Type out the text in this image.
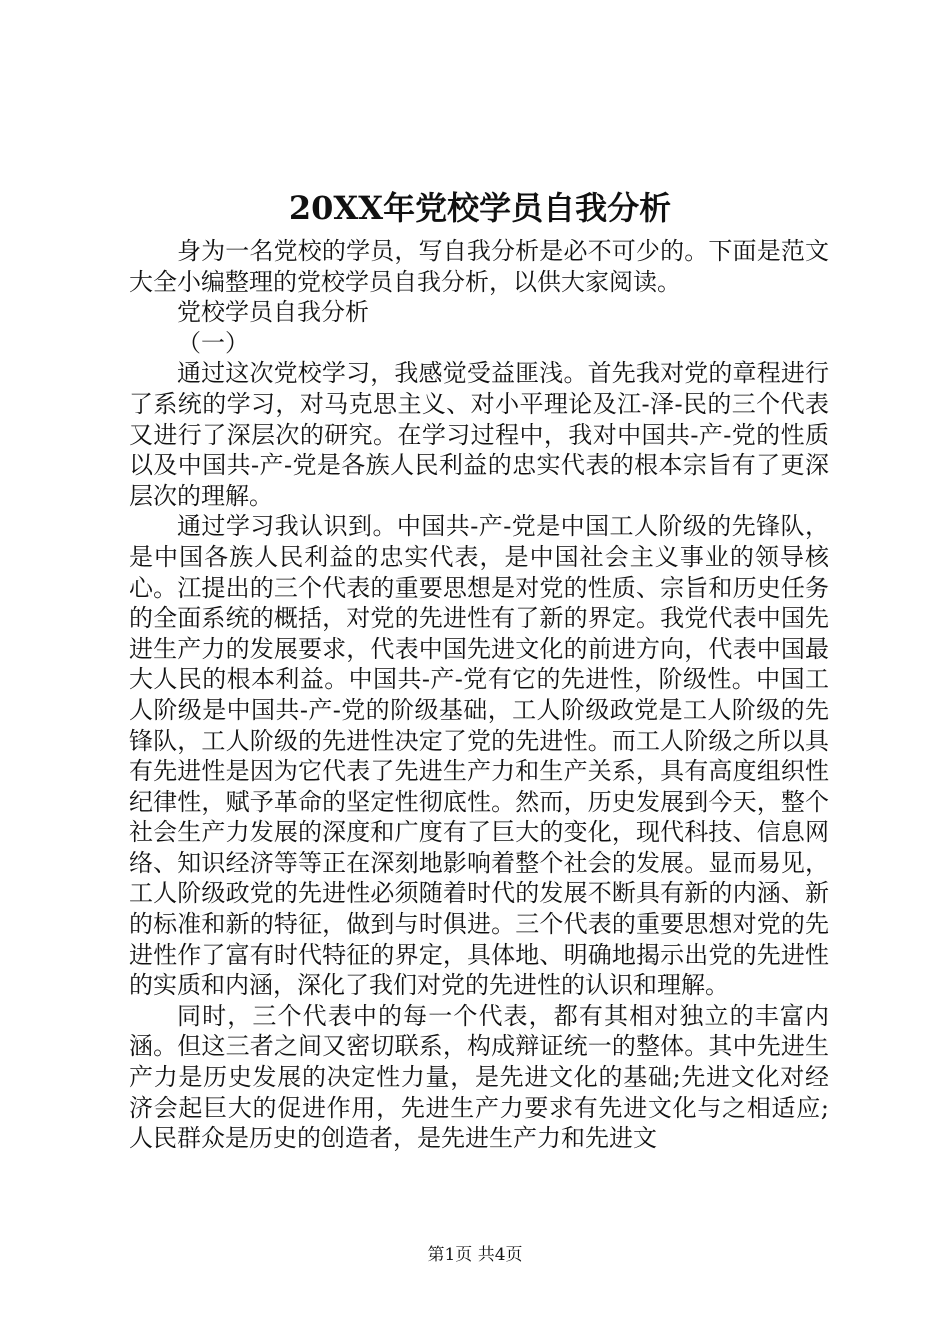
20XX年党校学员自我分析

身为一名党校的学员，写自我分析是必不可少的。下面是范文大全小编整理的党校学员自我分析，以供大家阅读。

党校学员自我分析

（一）

通过这次党校学习，我感觉受益匪浅。首先我对党的章程进行了系统的学习，对马克思主义、对小平理论及江-泽-民的三个代表又进行了深层次的研究。在学习过程中，我对中国共-产-党的性质以及中国共-产-党是各族人民利益的忠实代表的根本宗旨有了更深层次的理解。

通过学习我认识到。中国共-产-党是中国工人阶级的先锋队，是中国各族人民利益的忠实代表，是中国社会主义事业的领导核心。江提出的三个代表的重要思想是对党的性质、宗旨和历史任务的全面系统的概括，对党的先进性有了新的界定。我党代表中国先进生产力的发展要求，代表中国先进文化的前进方向，代表中国最大人民的根本利益。中国共-产-党有它的先进性，阶级性。中国工人阶级是中国共-产-党的阶级基础，工人阶级政党是工人阶级的先锋队，工人阶级的先进性决定了党的先进性。而工人阶级之所以具有先进性是因为它代表了先进生产力和生产关系，具有高度组织性纪律性，赋予革命的坚定性彻底性。然而，历史发展到今天，整个社会生产力发展的深度和广度有了巨大的变化，现代科技、信息网络、知识经济等等正在深刻地影响着整个社会的发展。显而易见，工人阶级政党的先进性必须随着时代的发展不断具有新的内涵、新的标准和新的特征，做到与时俱进。三个代表的重要思想对党的先进性作了富有时代特征的界定，具体地、明确地揭示出党的先进性的实质和内涵，深化了我们对党的先进性的认识和理解。

同时，三个代表中的每一个代表，都有其相对独立的丰富内涵。但这三者之间又密切联系，构成辩证统一的整体。其中先进生产力是历史发展的决定性力量，是先进文化的基础;先进文化对经济会起巨大的促进作用，先进生产力要求有先进文化与之相适应;人民群众是历史的创造者，是先进生产力和先进文

第1页 共4页
